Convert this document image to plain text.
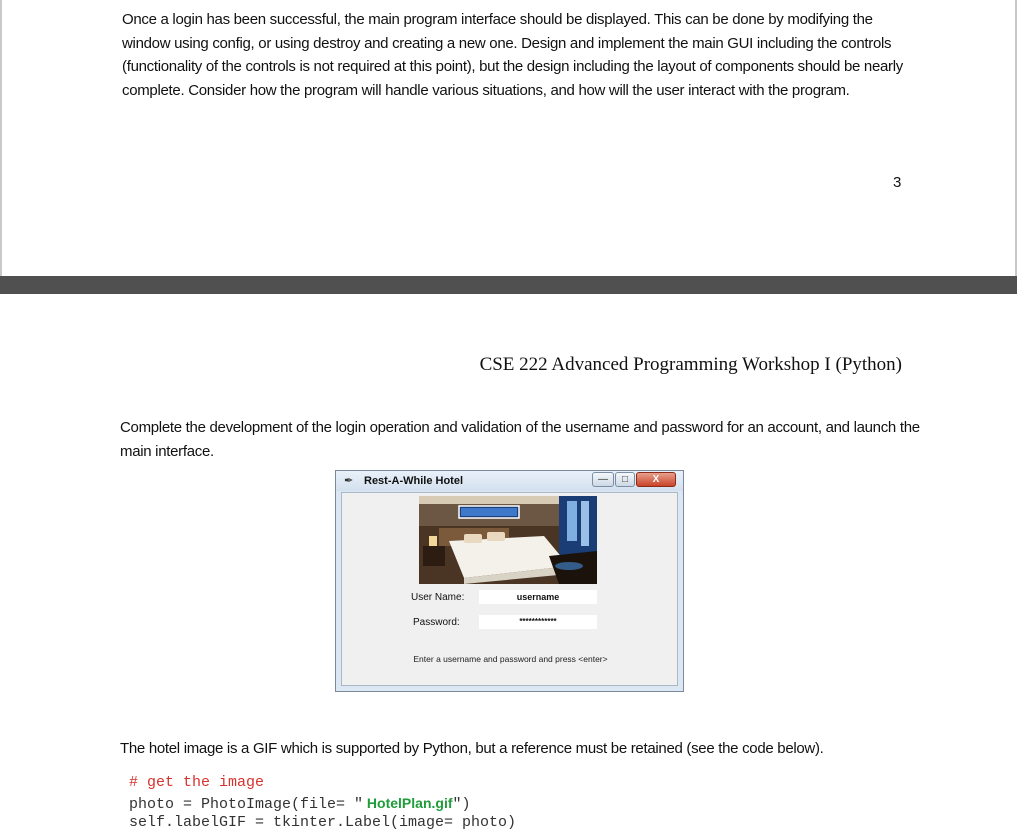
Once a login has been successful, the main program interface should be displayed. This can be done by modifying the window using config, or using destroy and creating a new one. Design and implement the main GUI including the controls (functionality of the controls is not required at this point), but the design including the layout of components should be nearly complete. Consider how the program will handle various situations, and how will the user interact with the program.

3
CSE 222 Advanced Programming Workshop I (Python)

Complete the development of the login operation and validation of the username and password for an account, and launch the main interface.

✒ Rest-A-While Hotel	—	□	X
User Name:	username
Password:	************
Enter a username and password and press <enter>

The hotel image is a GIF which is supported by Python, but a reference must be retained (see the code below).

# get the image
photo = PhotoImage(file= " HotelPlan.gif")
self.labelGIF = tkinter.Label(image= photo)
